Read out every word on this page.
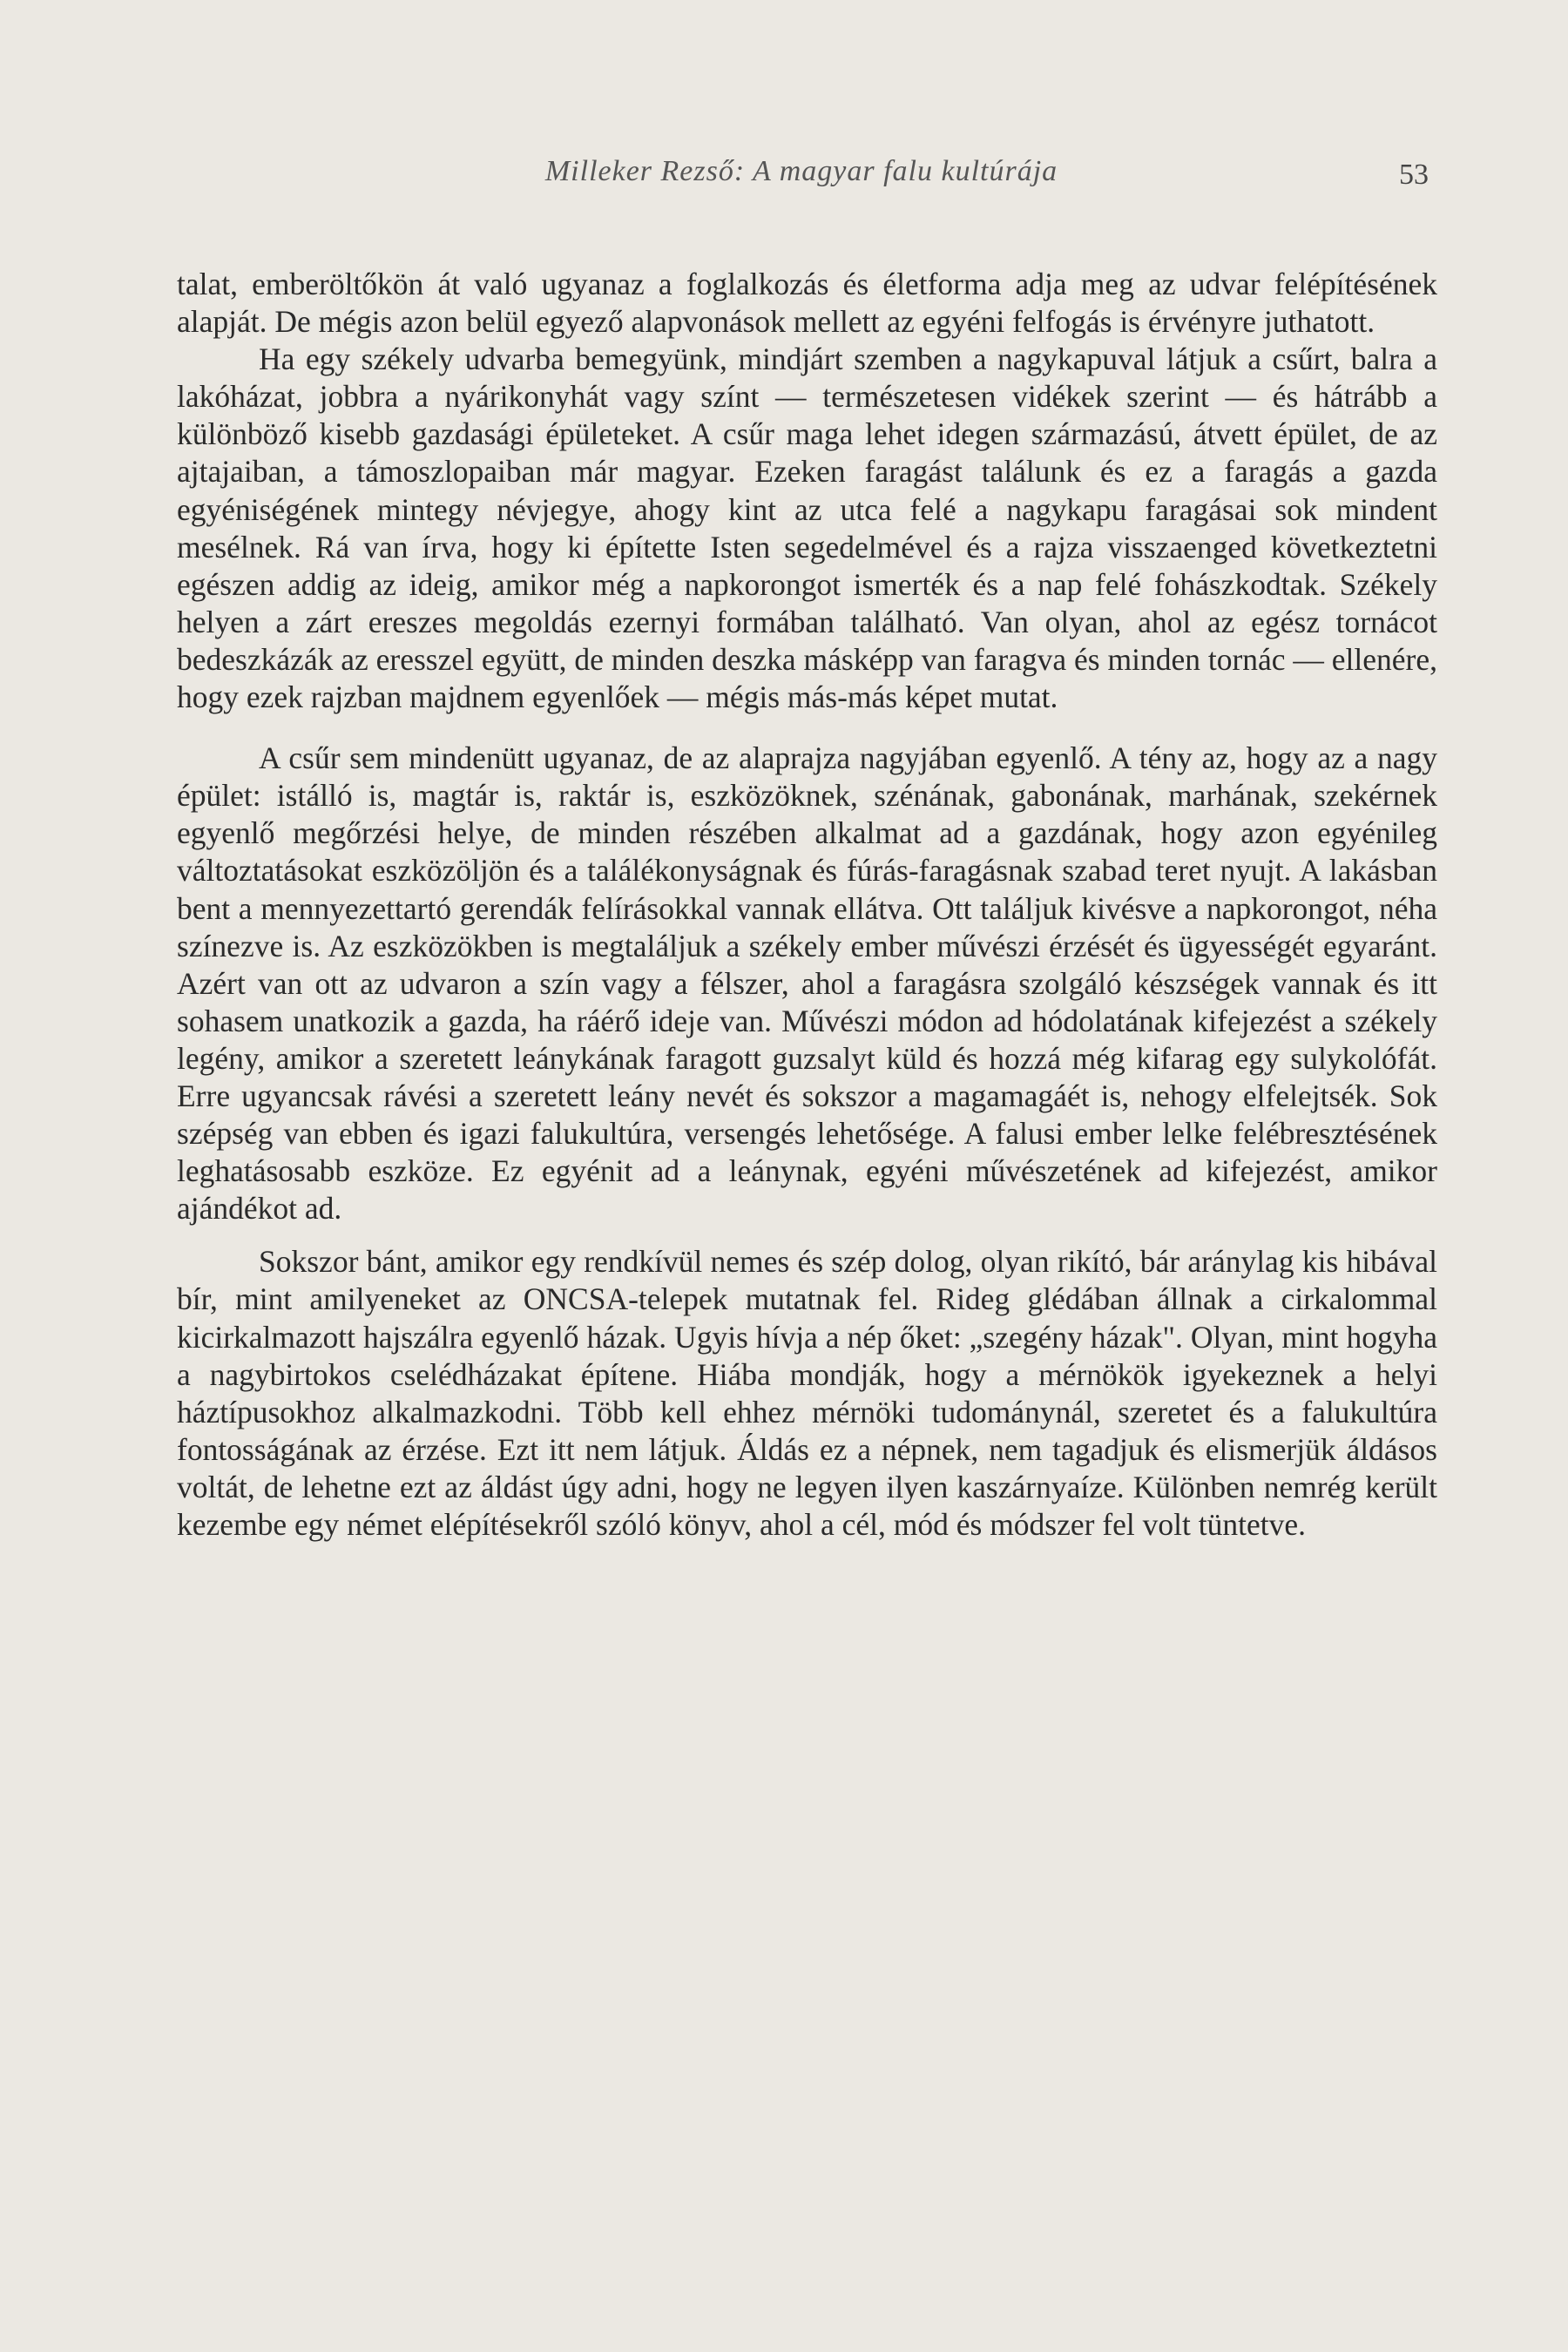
Milleker Rezső: A magyar falu kultúrája	53

talat, emberöltőkön át való ugyanaz a foglalkozás és életforma adja meg az udvar felépítésének alapját. De mégis azon belül egyező alapvonások mellett az egyéni felfogás is érvényre juthatott.

Ha egy székely udvarba bemegyünk, mindjárt szemben a nagykapuval látjuk a csűrt, balra a lakóházat, jobbra a nyárikonyhát vagy színt — természetesen vidékek szerint — és hátrább a különböző kisebb gazdasági épületeket. A csűr maga lehet idegen származású, átvett épület, de az ajtajaiban, a támoszlopaiban már magyar. Ezeken faragást találunk és ez a faragás a gazda egyéniségének mintegy névjegye, ahogy kint az utca felé a nagykapu faragásai sok mindent mesélnek. Rá van írva, hogy ki építette Isten segedelmével és a rajza visszaenged következtetni egészen addig az ideig, amikor még a napkorongot ismerték és a nap felé fohászkodtak. Székely helyen a zárt ereszes megoldás ezernyi formában található. Van olyan, ahol az egész tornácot bedeszkázák az eresszel együtt, de minden deszka másképp van faragva és minden tornác — ellenére, hogy ezek rajzban majdnem egyenlőek — mégis más-más képet mutat.

A csűr sem mindenütt ugyanaz, de az alaprajza nagyjában egyenlő. A tény az, hogy az a nagy épület: istálló is, magtár is, raktár is, eszközöknek, szénának, gabonának, marhának, szekérnek egyenlő megőrzési helye, de minden részében alkalmat ad a gazdának, hogy azon egyénileg változtatásokat eszközöljön és a találékonyságnak és fúrás-faragásnak szabad teret nyujt. A lakásban bent a mennyezettartó gerendák felírásokkal vannak ellátva. Ott találjuk kivésve a napkorongot, néha színezve is. Az eszközökben is megtaláljuk a székely ember művészi érzését és ügyességét egyaránt. Azért van ott az udvaron a szín vagy a félszer, ahol a faragásra szolgáló készségek vannak és itt sohasem unatkozik a gazda, ha ráérő ideje van. Művészi módon ad hódolatának kifejezést a székely legény, amikor a szeretett leánykának faragott guzsalyt küld és hozzá még kifarag egy sulykolófát. Erre ugyancsak rávési a szeretett leány nevét és sokszor a magamagáét is, nehogy elfelejtsék. Sok szépség van ebben és igazi falukultúra, versengés lehetősége. A falusi ember lelke felébresztésének leghatásosabb eszköze. Ez egyénit ad a leánynak, egyéni művészetének ad kifejezést, amikor ajándékot ad.

Sokszor bánt, amikor egy rendkívül nemes és szép dolog, olyan rikító, bár aránylag kis hibával bír, mint amilyeneket az ONCSA-telepek mutatnak fel. Rideg glédában állnak a cirkalommal kicirkalmazott hajszálra egyenlő házak. Ugyis hívja a nép őket: „szegény házak". Olyan, mint hogyha a nagybirtokos cselédházakat építene. Hiába mondják, hogy a mérnökök igyekeznek a helyi háztípusokhoz alkalmazkodni. Több kell ehhez mérnöki tudománynál, szeretet és a falukultúra fontosságának az érzése. Ezt itt nem látjuk. Áldás ez a népnek, nem tagadjuk és elismerjük áldásos voltát, de lehetne ezt az áldást úgy adni, hogy ne legyen ilyen kaszárnyaíze. Különben nemrég került kezembe egy német elépítésekről szóló könyv, ahol a cél, mód és módszer fel volt tüntetve.
